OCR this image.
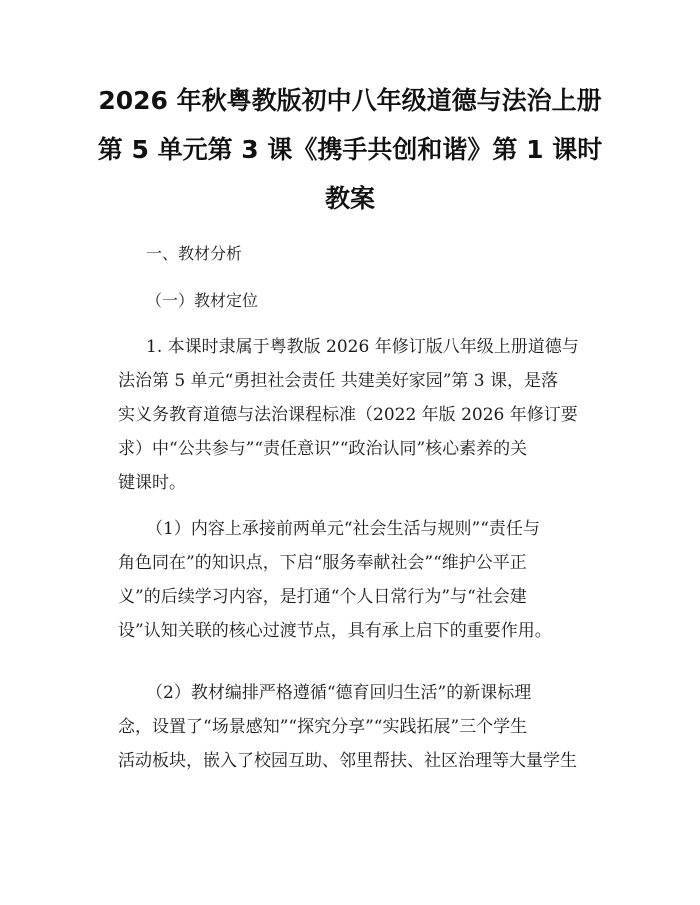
2026 年秋粤教版初中八年级道德与法治上册
第 5 单元第 3 课《携手共创和谐》第 1 课时
教案
一、教材分析
（一）教材定位
1. 本课时隶属于粤教版 2026 年修订版八年级上册道德与
法治第 5 单元“勇担社会责任 共建美好家园”第 3 课，是落
实义务教育道德与法治课程标准（2022 年版 2026 年修订要
求）中“公共参与”“责任意识”“政治认同”核心素养的关
键课时。
（1）内容上承接前两单元“社会生活与规则”“责任与
角色同在”的知识点，下启“服务奉献社会”“维护公平正
义”的后续学习内容，是打通“个人日常行为”与“社会建
设”认知关联的核心过渡节点，具有承上启下的重要作用。
（2）教材编排严格遵循“德育回归生活”的新课标理
念，设置了“场景感知”“探究分享”“实践拓展”三个学生
活动板块，嵌入了校园互助、邻里帮扶、社区治理等大量学生
